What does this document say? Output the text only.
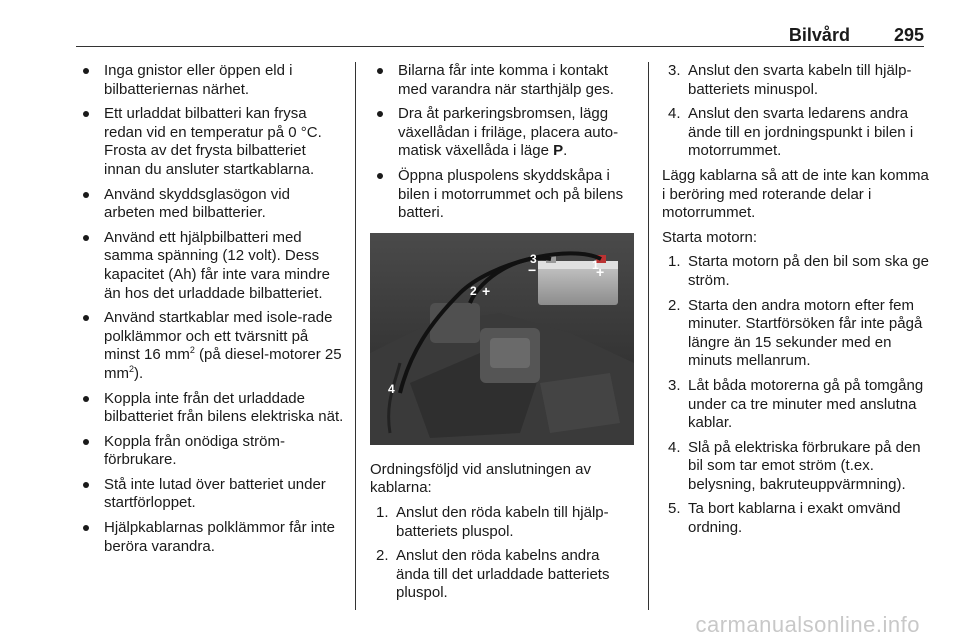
Bilvård 295
Inga gnistor eller öppen eld i bilbatteriernas närhet.
Ett urladdat bilbatteri kan frysa redan vid en temperatur på 0 °C. Frosta av det frysta bilbatteriet innan du ansluter startkablarna.
Använd skyddsglasögon vid arbeten med bilbatterier.
Använd ett hjälpbilbatteri med samma spänning (12 volt). Dess kapacitet (Ah) får inte vara mindre än hos det urladdade bilbatteriet.
Använd startkablar med isole-rade polklämmor och ett tvärsnitt på minst 16 $mm^2$ (på diesel-motorer 25 $mm^2$).
Koppla inte från det urladdade bilbatteriet från bilens elektriska nät.
Koppla från onödiga ström-förbrukare.
Stå inte lutad över batteriet under startförloppet.
Hjälpkablarnas polklämmor får inte beröra varandra.
Bilarna får inte komma i kontakt med varandra när starthjälp ges.
Dra åt parkeringsbromsen, lägg växellådan i friläge, placera auto-matisk växellåda i läge P.
Öppna pluspolens skyddskåpa i bilen i motorrummet och på bilens batteri.
1
+
3
−
2 +
4

Ordningsföljd vid anslutningen av kablarna:

1. Anslut den röda kabeln till hjälp-batteriets pluspol.
2. Anslut den röda kabelns andra ända till det urladdade batteriets pluspol.
3. Anslut den svarta kabeln till hjälp-batteriets minuspol.
4. Anslut den svarta ledarens andra ände till en jordningspunkt i bilen i motorrummet.

Lägg kablarna så att de inte kan komma i beröring med roterande delar i motorrummet.

Starta motorn:

1. Starta motorn på den bil som ska ge ström.
2. Starta den andra motorn efter fem minuter. Startförsöken får inte pågå längre än 15 sekunder med en minuts mellanrum.
3. Låt båda motorerna gå på tomgång under ca tre minuter med anslutna kablar.
4. Slå på elektriska förbrukare på den bil som tar emot ström (t.ex. belysning, bakruteuppvärmning).
5. Ta bort kablarna i exakt omvänd ordning.
carmanualsonline.info
